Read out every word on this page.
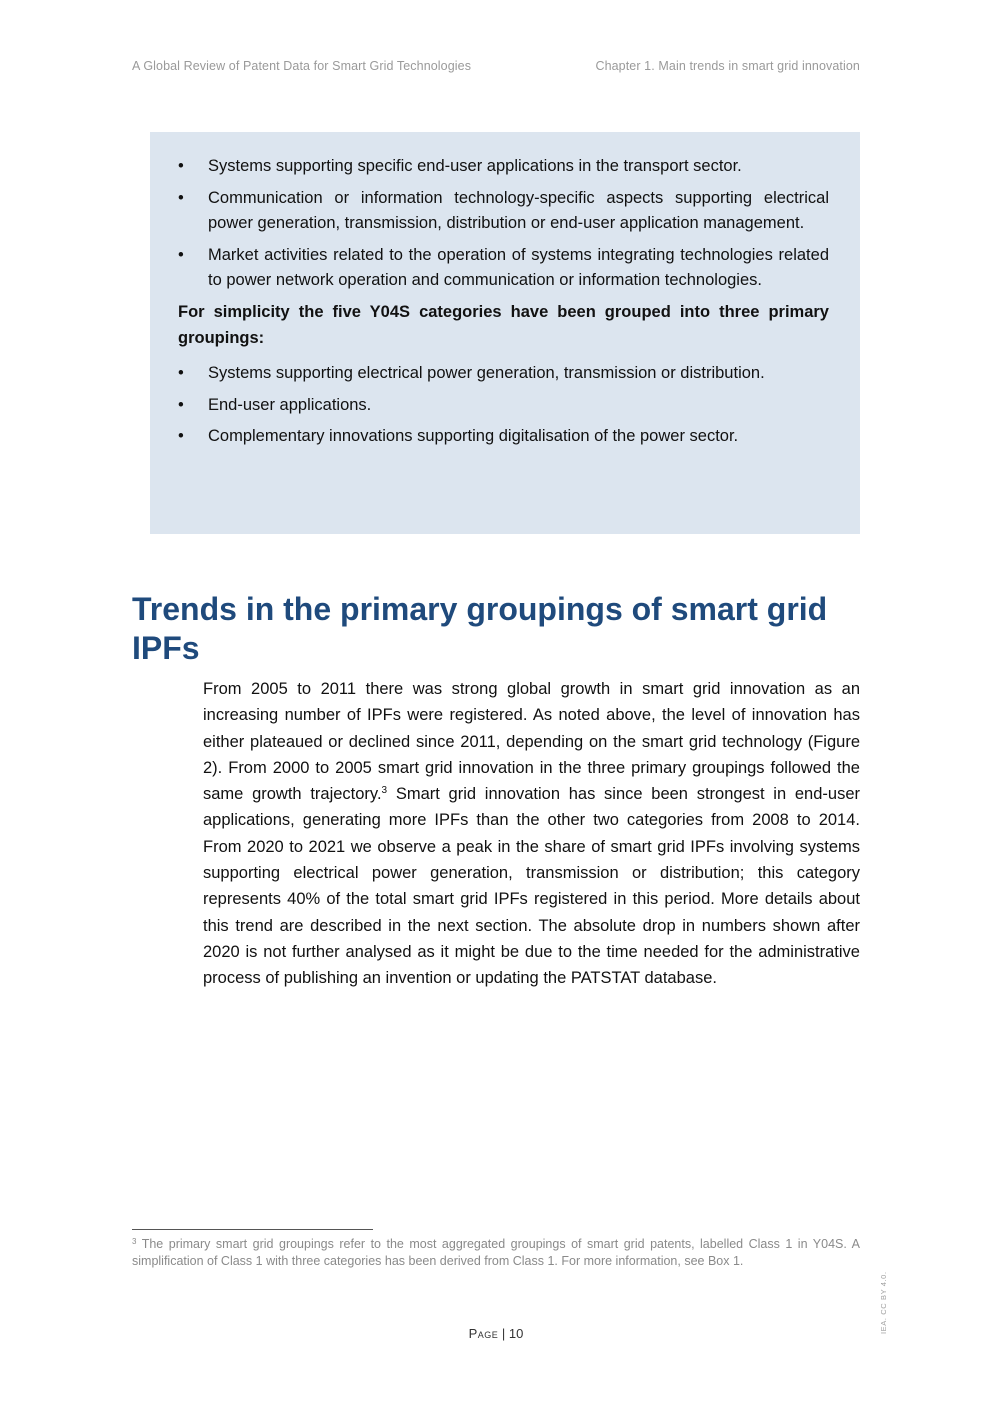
A Global Review of Patent Data for Smart Grid Technologies	Chapter 1. Main trends in smart grid innovation
•	Systems supporting specific end-user applications in the transport sector.
•	Communication or information technology-specific aspects supporting electrical power generation, transmission, distribution or end-user application management.
•	Market activities related to the operation of systems integrating technologies related to power network operation and communication or information technologies.

For simplicity the five Y04S categories have been grouped into three primary groupings:

•	Systems supporting electrical power generation, transmission or distribution.
•	End-user applications.
•	Complementary innovations supporting digitalisation of the power sector.
Trends in the primary groupings of smart grid IPFs

From 2005 to 2011 there was strong global growth in smart grid innovation as an increasing number of IPFs were registered. As noted above, the level of innovation has either plateaued or declined since 2011, depending on the smart grid technology (Figure 2). From 2000 to 2005 smart grid innovation in the three primary groupings followed the same growth trajectory.$^3$ Smart grid innovation has since been strongest in end-user applications, generating more IPFs than the other two categories from 2008 to 2014. From 2020 to 2021 we observe a peak in the share of smart grid IPFs involving systems supporting electrical power generation, transmission or distribution; this category represents 40% of the total smart grid IPFs registered in this period. More details about this trend are described in the next section. The absolute drop in numbers shown after 2020 is not further analysed as it might be due to the time needed for the administrative process of publishing an invention or updating the PATSTAT database.

$^3$ The primary smart grid groupings refer to the most aggregated groupings of smart grid patents, labelled Class 1 in Y04S. A simplification of Class 1 with three categories has been derived from Class 1. For more information, see Box 1.

Page | 10	IEA. CC BY 4.0.
